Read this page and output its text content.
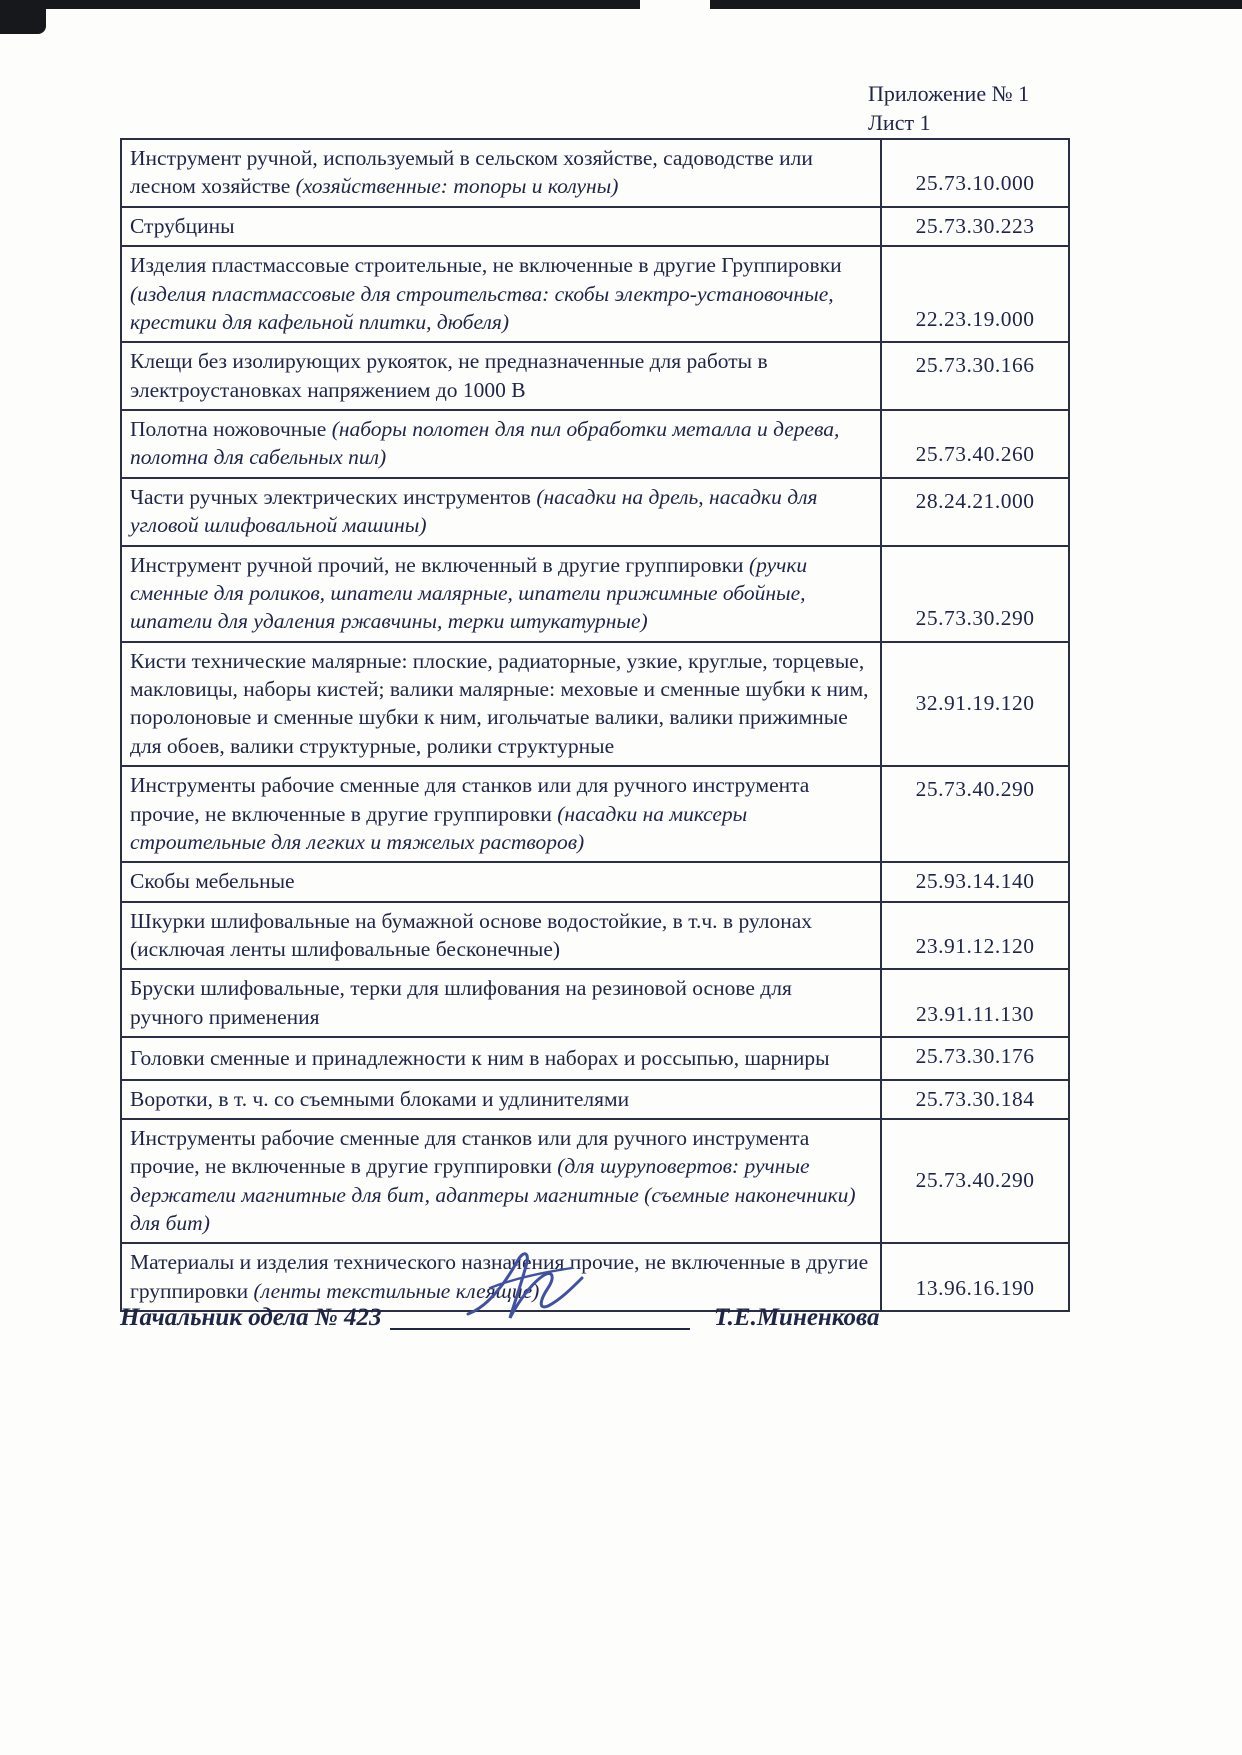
Приложение № 1
Лист 1
Инструмент ручной, используемый в сельском хозяйстве, садоводстве или лесном хозяйстве (хозяйственные: топоры и колуны)	25.73.10.000
Струбцины	25.73.30.223
Изделия пластмассовые строительные, не включенные в другие Группировки (изделия пластмассовые для строительства: скобы электро-установочные, крестики для кафельной плитки, дюбеля)	22.23.19.000
Клещи без изолирующих рукояток, не предназначенные для работы в электроустановках напряжением до 1000 В	25.73.30.166
Полотна ножовочные (наборы полотен для пил обработки металла и дерева, полотна для сабельных пил)	25.73.40.260
Части ручных электрических инструментов (насадки на дрель, насадки для угловой шлифовальной машины)	28.24.21.000
Инструмент ручной прочий, не включенный в другие группировки (ручки сменные для роликов, шпатели малярные, шпатели прижимные обойные, шпатели для удаления ржавчины, терки штукатурные)	25.73.30.290
Кисти технические малярные: плоские, радиаторные, узкие, круглые, торцевые, макловицы, наборы кистей; валики малярные: меховые и сменные шубки к ним, поролоновые и сменные шубки к ним, игольчатые валики, валики прижимные для обоев, валики структурные, ролики структурные	32.91.19.120
Инструменты рабочие сменные для станков или для ручного инструмента прочие, не включенные в другие группировки (насадки на миксеры строительные для легких и тяжелых растворов)	25.73.40.290
Скобы мебельные	25.93.14.140
Шкурки шлифовальные на бумажной основе водостойкие, в т.ч. в рулонах (исключая ленты шлифовальные бесконечные)	23.91.12.120
Бруски шлифовальные, терки для шлифования на резиновой основе для ручного применения	23.91.11.130
Головки сменные и принадлежности к ним в наборах и россыпью, шарниры	25.73.30.176
Воротки, в т. ч. со съемными блоками и удлинителями	25.73.30.184
Инструменты рабочие сменные для станков или для ручного инструмента прочие, не включенные в другие группировки (для шуруповертов: ручные держатели магнитные для бит, адаптеры магнитные (съемные наконечники) для бит)	25.73.40.290
Материалы и изделия технического назначения прочие, не включенные в другие группировки (ленты текстильные клеящие)	13.96.16.190
Начальник одела № 423	Т.Е.Миненкова
